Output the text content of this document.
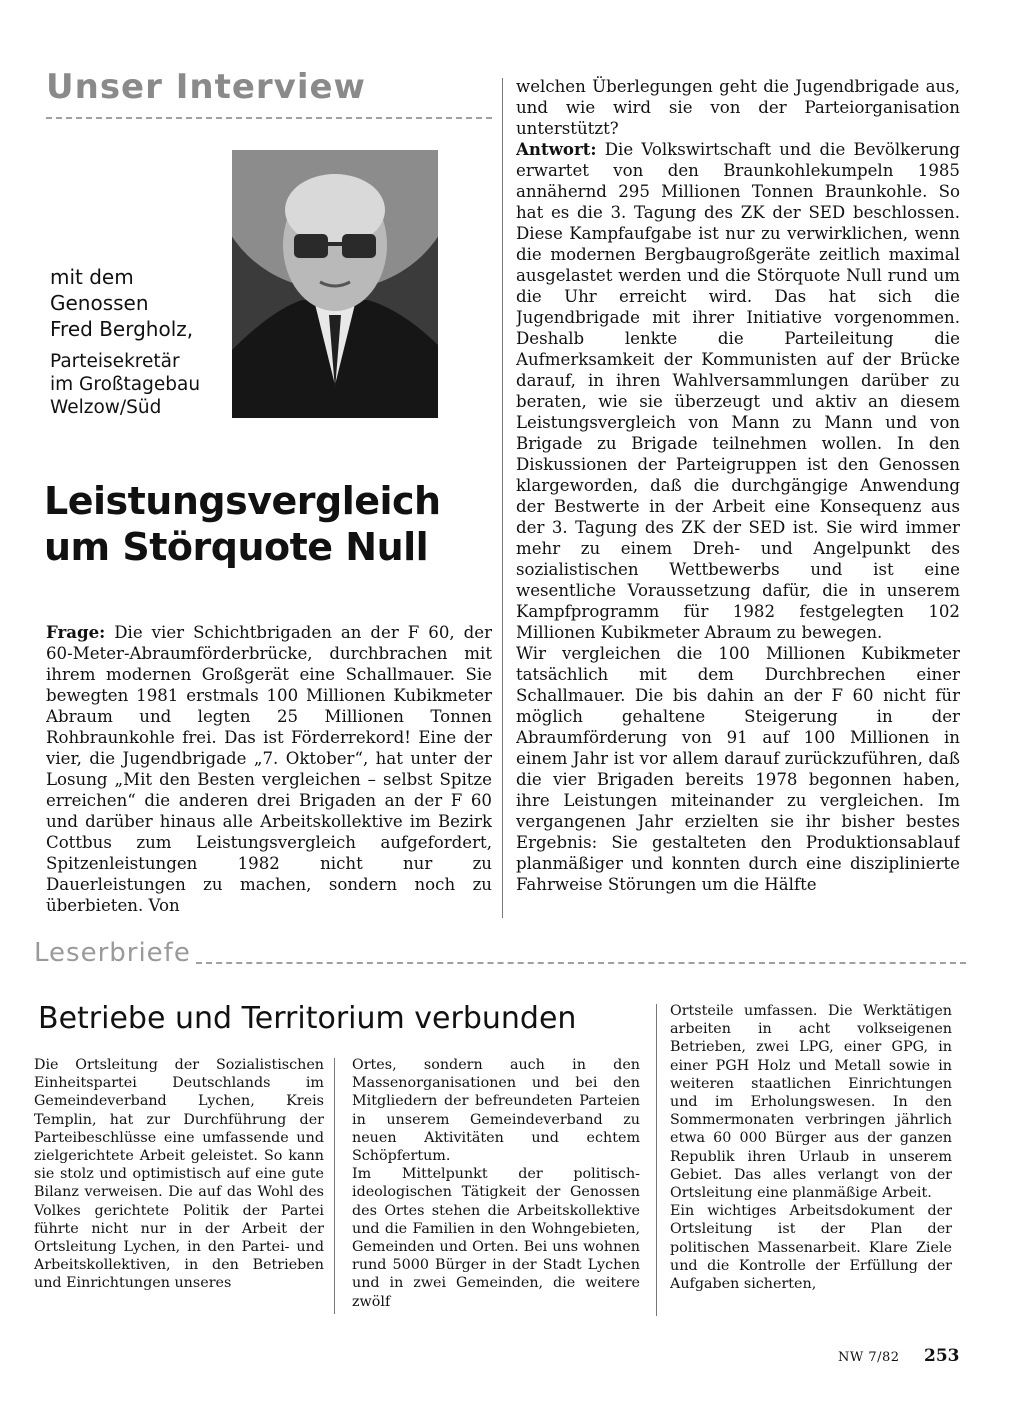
Unser Interview
mit dem
Genossen
Fred Bergholz,
Parteisekretär
im Großtagebau
Welzow/Süd
Leistungsvergleich
um Störquote Null

Frage: Die vier Schichtbrigaden an der F 60, der 60-Meter-Abraumförderbrücke, durchbrachen mit ihrem modernen Großgerät eine Schallmauer. Sie bewegten 1981 erstmals 100 Millionen Kubikmeter Abraum und legten 25 Millionen Tonnen Rohbraunkohle frei. Das ist Förderrekord! Eine der vier, die Jugendbrigade „7. Oktober“, hat unter der Losung „Mit den Besten vergleichen – selbst Spitze erreichen“ die anderen drei Brigaden an der F 60 und darüber hinaus alle Arbeitskollektive im Bezirk Cottbus zum Leistungsvergleich aufgefordert, Spitzenleistungen 1982 nicht nur zu Dauerleistungen zu machen, sondern noch zu überbieten. Von

welchen Überlegungen geht die Jugendbrigade aus, und wie wird sie von der Parteiorganisation unterstützt?

Antwort: Die Volkswirtschaft und die Bevölkerung erwartet von den Braunkohlekumpeln 1985 annähernd 295 Millionen Tonnen Braunkohle. So hat es die 3. Tagung des ZK der SED beschlossen. Diese Kampfaufgabe ist nur zu verwirklichen, wenn die modernen Bergbaugroßgeräte zeitlich maximal ausgelastet werden und die Störquote Null rund um die Uhr erreicht wird. Das hat sich die Jugendbrigade mit ihrer Initiative vorgenommen. Deshalb lenkte die Parteileitung die Aufmerksamkeit der Kommunisten auf der Brücke darauf, in ihren Wahlversammlungen darüber zu beraten, wie sie überzeugt und aktiv an diesem Leistungsvergleich von Mann zu Mann und von Brigade zu Brigade teilnehmen wollen. In den Diskussionen der Parteigruppen ist den Genossen klargeworden, daß die durchgängige Anwendung der Bestwerte in der Arbeit eine Konsequenz aus der 3. Tagung des ZK der SED ist. Sie wird immer mehr zu einem Dreh- und Angelpunkt des sozialistischen Wettbewerbs und ist eine wesentliche Voraussetzung dafür, die in unserem Kampfprogramm für 1982 festgelegten 102 Millionen Kubikmeter Abraum zu bewegen.

Wir vergleichen die 100 Millionen Kubikmeter tatsächlich mit dem Durchbrechen einer Schallmauer. Die bis dahin an der F 60 nicht für möglich gehaltene Steigerung in der Abraumförderung von 91 auf 100 Millionen in einem Jahr ist vor allem darauf zurückzuführen, daß die vier Brigaden bereits 1978 begonnen haben, ihre Leistungen miteinander zu vergleichen. Im vergangenen Jahr erzielten sie ihr bisher bestes Ergebnis: Sie gestalteten den Produktionsablauf planmäßiger und konnten durch eine disziplinierte Fahrweise Störungen um die Hälfte

Leserbriefe
Betriebe und Territorium verbunden

Die Ortsleitung der Sozialistischen Einheitspartei Deutschlands im Gemeindeverband Lychen, Kreis Templin, hat zur Durchführung der Parteibeschlüsse eine umfassende und zielgerichtete Arbeit geleistet. So kann sie stolz und optimistisch auf eine gute Bilanz verweisen. Die auf das Wohl des Volkes gerichtete Politik der Partei führte nicht nur in der Arbeit der Ortsleitung Lychen, in den Partei- und Arbeitskollektiven, in den Betrieben und Einrichtungen unseres

Ortes, sondern auch in den Massenorganisationen und bei den Mitgliedern der befreundeten Parteien in unserem Gemeindeverband zu neuen Aktivitäten und echtem Schöpfertum.

Im Mittelpunkt der politisch-ideologischen Tätigkeit der Genossen des Ortes stehen die Arbeitskollektive und die Familien in den Wohngebieten, Gemeinden und Orten. Bei uns wohnen rund 5000 Bürger in der Stadt Lychen und in zwei Gemeinden, die weitere zwölf

Ortsteile umfassen. Die Werktätigen arbeiten in acht volkseigenen Betrieben, zwei LPG, einer GPG, in einer PGH Holz und Metall sowie in weiteren staatlichen Einrichtungen und im Erholungswesen. In den Sommermonaten verbringen jährlich etwa 60 000 Bürger aus der ganzen Republik ihren Urlaub in unserem Gebiet. Das alles verlangt von der Ortsleitung eine planmäßige Arbeit.

Ein wichtiges Arbeitsdokument der Ortsleitung ist der Plan der politischen Massenarbeit. Klare Ziele und die Kontrolle der Erfüllung der Aufgaben sicherten,

NW 7/82 253
